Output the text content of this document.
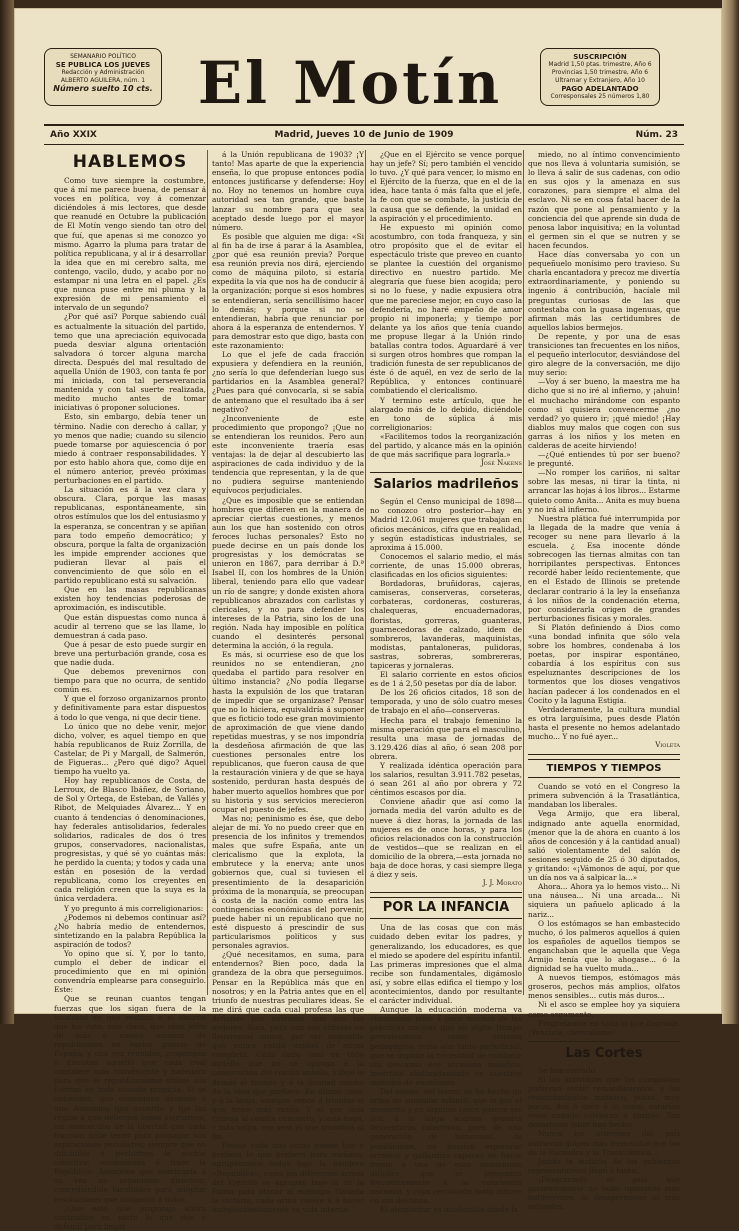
SEMANARIO POLÍTICO
SE PUBLICA LOS JUEVES
Redacción y Administración
ALBERTO AGUILERA, núm. 1
Número suelto 10 cts. El Motín	SUSCRIPCIÓN
Madrid 1,50 ptas. trimestre, Año 6
Provincias 1,50 trimestre, Año 6
Ultramar y Extranjero, Año 10
PAGO ADELANTADO
Corresponsales 25 números 1,80
Madrid, Jueves 10 de Junio de 1909
Año XXIX	Núm. 23
HABLEMOS

Como tuve siempre la costumbre, que á mí me parece buena, de pensar á voces en política, voy á comenzar diciéndoles á mis lectores, que desde que reanudé en Octubre la publicación de El Motín vengo siendo tan otro del que fuí, que apenas si me conozco yo mismo. Agarro la pluma para tratar de política republicana, y al ir á desarrollar la idea que en mi cerebro salta, me contengo, vacilo, dudo, y acabo por no estampar ni una letra en el papel. ¿Es que nunca puse entre mi pluma y la expresión de mi pensamiento el intervalo de un segundo?

¿Por qué así? Porque sabiendo cuál es actualmente la situación del partido, temo que una apreciación equivocada pueda desviar alguna orientación salvadora ó torcer alguna marcha directa. Después del mal resultado de aquella Unión de 1903, con tanta fe por mí iniciada, con tal perseverancia mantenida y con tal suerte realizada, medito mucho antes de tomar iniciativas ó proponer soluciones.

Esto, sin embargo, debía tener un término. Nadie con derecho á callar, y yo menos que nadie; cuando su silencio puede tomarse por aquiescencia ó por miedo á contraer responsabilidades. Y por esto hablo ahora que, como dije en el número anterior, prevéo próximas perturbaciones en el partido.

La situación es á la vez clara y obscura. Clara, porque las masas republicanas, espontáneamente, sin otros estímulos que los del entusiasmo y la esperanza, se concentran y se apiñan para todo empeño democrático; y obscura, porque la falta de organización les impide emprender acciones que pudieran llevar al país el convencimiento de que sólo en el partido republicano está su salvación.

Que en las masas republicanas existen hoy tendencias poderosas de aproximación, es indiscutible.

Que están dispuestas como nunca á acudir al terreno que se las llame, lo demuestran á cada paso.

Que á pesar de esto puede surgir en breve una perturbación grande, cosa es que nadie duda.

Que debemos prevenirnos con tiempo para que no ocurra, de sentido común es.

Y que el forzoso organizarnos pronto y definitivamente para estar dispuestos á todo lo que venga, ni que decir tiene.

Lo único que no debe venir, mejor dicho, volver, es aquel tiempo en que había republicanos de Ruiz Zorrilla, de Castelar, de Pi y Margall, de Salmerón, de Figueras... ¿Pero qué digo? Aquel tiempo ha vuelto ya.

Hoy hay republicanos de Costa, de Lerroux, de Blasco Ibáñez, de Soriano, de Sol y Ortega, de Esteban, de Vallés y Ribot, de Melquiades Álvarez... Y en cuanto á tendencias ó denominaciones, hay federales antisolidarios, federales solidarios, radicales de dos ó tres grupos, conservadores, nacionalistas, progresistas, y qué sé yo cuántas más: he perdido la cuenta; y todos y cada una están en posesión de la verdad republicana, como los creyentes en cada religión creen que la suya es la única verdadera.

Y yo pregunto á mis correligionarios:

¿Podemos ni debemos continuar así? ¿No habría medio de entendernos, sintetizando en la palabra República la aspiración de todos?

Yo opino que sí. Y, por lo tanto, cumplo el deber de indicar el procedimiento que en mi opinión convendría emplearse para conseguirlo. Este:

Que se reunan cuantos tengan fuerzas que los sigan fuera de la localidad en que residan ó el distrito que los vote; más claro, que sean jefes de más ó menos número de republicanos en varios puntos de España; y una vez reunidos, propongan y discutan aquello que cada cual considere más conveniente y hacedero para que el republicanismo utilice sus fuerzas en toda ocasión propicia. Si se entienden, que convoquen después á una Asamblea que acuerde y fije las reglas á que debemos todos sujetarnos, sin menoscabo de la libertad que cada fracción debe tener para propagar sus aspiraciones peculiares; siempre que no dificulten ó perturben la acción colectiva, encaminada á traer la República; Asamblea que nombraría á su vez un organismo directivo, concediéndole facultades para adoptar resoluciones que obligarán á todos.

¿Que esto que propongo ahora contradice en parte lo que dije y defendí para llegar

á la Unión republicana de 1903? ¡Y tanto! Mas aparte de que la experiencia enseña, lo que propuse entonces podía entonces justificarse y defenderse: Hoy no. Hoy no tenemos un hombre cuya autoridad sea tan grande, que baste lanzar su nombre para que sea aceptado desde luego por el mayor número.

Es posible que alguien me diga: «Si al fin ha de irse á parar á la Asamblea, ¿por qué esa reunión previa? Porque esa reunión previa nos dirá, ejerciendo como de máquina piloto, si estaría expedita la vía que nos ha de conducir á la organización; porque si esos hombres se entendieran, sería sencillísimo hacer lo demás; y porque si no se entendieran, habría que renunciar por ahora á la esperanza de entendernos. Y para demostrar esto que digo, basta con este razonamiento:

Lo que el jefe de cada fracción expusiera y defendiera en la reunión, ¿no sería lo que defenderían luego sus partidarios en la Asamblea general? ¿Pues para qué convocarla, si se sabía de antemano que el resultado iba á ser negativo?

¿Inconveniente de este procedimiento que propongo? ¡Que no se entendieran los reunidos. Pero aun este inconveniente traería esas ventajas: la de dejar al descubierto las aspiraciones de cada individuo y de la tendencia que representan, y la de que no pudiera seguirse manteniendo equívocos perjudiciales.

¿Que es imposible que se entiendan hombres que difieren en la manera de apreciar ciertas cuestiones, y menos aun los que han sostenido con otros feroces luchas personales? Esto no puede decirse en un país donde los progresistas y los demócratas se unieron en 1867, para derribar á D.ª Isabel II, con los hombres de la Unión liberal, teniendo para ello que vadear un río de sangre; y donde existen ahora republicanos abrazados con carlistas y clericales, y no para defender los intereses de la Patria, sino los de una región. Nada hay imposible en política cuando el desinterés personal determina la acción, ó la regula.

Es más, si ocurriese eso de que los reunidos no se entendieran, ¿no quedaba el partido para resolver en último instancia? ¿No podía llegarse hasta la expulsión de los que trataran de impedir que se organizase? Pensar que no lo hiciera, equivaldría á suponer que es ficticio todo ese gran movimiento de aproximación de que viene dando repetidas muestras, y se nos impondría la desdeñosa afirmación de que las cuestiones personales entre los republicanos, que fueron causa de que la restauración viniera y de que se haya sostenido, perduran hasta después de haber muerto aquellos hombres que por su historia y sus servicios merecieron ocupar el puesto de jefes.

Mas no; peninismo es ése, que debo alejar de mí. Yo no puedo creer que en presencia de los infinitos y tremendos males que sufre España, ante un clericalismo que la explota, la embrutece y la enerva; ante unos gobiernos que, cual si tuviesen el presentimiento de la desaparición próxima de la monarquía, se preocupan á costa de la nación como entra las contingencias económicas del porvenir, puede haber ni un republicano que no esté dispuesto á prescindir de sus particularismos políticos y sus personales agravios.

¿Qué necesitamos, en suma, para entendernos? Bien poco, dada la grandeza de la obra que perseguimos. Pensar en la República más que en nosotros; y en la Patria antes que en el triunfo de nuestras peculiares ideas. Se me dirá que cada cual profesa las que defiende por entender que son las mejores. Bien, pero con ese criterio no llegaremos nunca, por ser imposible que nunca exista unidad de miras completa. Cada cada cual en todo aquello que no se oponga á la consecución del común anhelo, y deje lo demás al tiempo y á la bondad misma de la idea que prefiere. En último caso, y á la larga, siempre vence á triunfar el que tiene más razón. Y el que más trabaja al común concierto, y más haga, y más valga, ese será el que triunfará al fin.

Piense cada uno como piense hoy y prefiera lo que prefiera para mañana, agrupémonos todos bajo la bandera «República», como las diferentes armas del Ejército se agrupan bajo la de la Patria para atacar al enemigo. Ganada la victoria, cada arma vuelve á á hacer independientemente su vida interna.

¿Que en el Ejército se vence porque hay un jefe? Sí; pero también el vencido lo tuvo. ¿Y qué para vencer, lo mismo en el Ejército de la fuerza, que en el de la idea, hace tanta ó más falta que el jefe, la fe con que se combate, la justicia de la causa que se defiende, la unidad en la aspiración y el procedimiento.

He expuesto mi opinión como acostumbro, con toda franqueza, y sin otro propósito que el de evitar el espectáculo triste que preveo en cuanto se plantee la cuestión del organismo directivo en nuestro partido. Me alegraría que fuese bien acogida; pero si no lo fuese, y nadie expusiera otra que me pareciese mejor, en cuyo caso la defendería, no haré empeño de amor propio ni imponerla; y tiempo por delante ya los años que tenía cuando me propuse llegar á la Unión rindo batallas contra todos. Aguardaré á ver si surgen otros hombres que rompan la tradición funesta de ser republicanos de éste ó de aquél, en vez de serlo de la República, y entonces continuaré combatiendo el clericalismo.

Y termino este artículo, que he alargado más de lo debido, diciéndole en tono de súplica á mis correligionarios:

«Facilitemos todos la reorganización del partido, y alcance más en la opinión de que más sacrifique para lograrla.»

José Nakens

Salarios madrileños

Según el Censo municipal de 1898—no conozco otro posterior—hay en Madrid 12.061 mujeres que trabajan en oficios mecánicos, cifra que en realidad, y según estadísticas industriales, se aproxima á 15.000.

Conocemos el salario medio, el más corriente, de unas 15.000 obreras, clasificadas en los oficios siguientes:

Bordadoras, bruñidoras, cajeras, camiseras, conserveras, corseteras, corbateras, cordoneras, costureras, chalequeras, encuadernadoras, floristas, gorreras, guanteras, guarnecedoras de calzado, idem de sombreros, lavanderas, maquinistas, modistas, pantaloneras, pulidoras, sastras, sobreras, sombrereras, tapiceras y jornaleras.

El salario corriente en estos oficios es de 1 á 2,50 pesetas por día de labor.

De los 26 oficios citados, 18 son de temporada, y uno de sólo cuatro meses de trabajo en el año—conserveras.

Hecha para el trabajo femenino la misma operación que para el masculino, resulta una masa de jornadas de 3.129.426 días al año, ó sean 208 por obrera.

Y realizada idéntica operación para los salarios, resultan 3.911.782 pesetas, ó sean 261 al año por obrera y 72 céntimos escasos por día.

Conviene añadir que así como la jornada media del varón adulto es de nueve á diez horas, la jornada de las mujeres es de once horas, y para los oficios relacionados con la construcción de vestidos—que se realizan en el domicilio de la obrera,—esta jornada no baja de doce horas, y casi siempre llega á diez y seis.

J. J. Morato

POR LA INFANCIA

Una de las cosas que con más cuidado deben evitar los padres, y generalizando, los educadores, es que el miedo se apodere del espíritu infantil. Las primeras impresiones que el alma recibe son fundamentales, digámoslo así, y sobre ellas edifica el tiempo y los acontecimientos, dando por resultante el carácter individual.

Aunque la educación moderna va eliminando poco á poco muchas de las prácticas nocivas que en algún tiempo prevalecieron como sistema pedagógico, resta aún tanto perjudicial, que se impone la necesidad de combatir sin descanso ese arcaísmo maléfico, invertido obstinadamente en nuestros métodos de enseñanza.

Del miedo, del terror, se ha hecho un arma de sumisión infantil, que si por el momento y en algunos casos parece ser útil, á la larga acarrea grandes desventuras colectivas; pues de una generación de temerosos, de pusilánimes, no pueden esperarse arrestos y gallardías capaces de hacer frente á una de esas situaciones difíciles que se presentan frecuentemente á la conciencia nacional, y cuya resolución tanto influye en sus destinos.

El atemorizar es intolerable desde la

miedo, no al íntimo convencimiento que nos lleva á voluntaria sumisión, se lo lleva á salir de sus cadenas, con odio en sus ojos y la amenaza en sus corazones, para siempre el alma del esclavo. Ni se en cosa fatal hacer de la razón que pone al pensamiento y la conciencia del que aprende sin duda de penosa labor inquisitiva; en la voluntad el germen sin el que se nutren y se hacen fecundos.

Hace días conversaba yo con un pequeñuelo monísimo pero travieso. Su charla encantadora y precoz me divertía extraordinariamente, y poniendo su ingenio á contribución, hacíale mil preguntas curiosas de las que contestaba con la guasa ingenuas, que afirman más las certidumbres de aquellos labios bermejos.

De repente, y por una de esas transiciones tan frecuentes en los niños, el pequeño interlocutor, desviándose del giro alegre de la conversación, me dijo muy serio:

—Voy á ser bueno, la maestra me ha dicho que si no iré al infierno, y ¡ahuin! el muchacho mirándome con espanto como si quisiera convencerme ¿no verdad? yo quiero ir; ¡qué miedo! ¡Hay diablos muy malos que cogen con sus garras á los niños y los meten en calderas de aceite hirviendo!

—¿Qué entiendes tú por ser bueno? le pregunté.

—No romper los cariños, ni saltar sobre las mesas, ni tirar la tinta, ni arrancar las hojas á los libros... Estarme quieto como Anita... Anita es muy buena y no irá al infierno.

Nuestra plática fué interrumpida por la llegada de la madre que venía á recoger su nene para llevarlo á la escuela. ¿ Esa inocente dónde sobrecogen las tiernas almitas con tan horripilantes perspectivas. Entonces recordé haber leído recientemente, que en el Estado de Illinois se pretende declarar contrario á la ley la enseñanza á los niños de la condenación eterna, por considerarla origen de grandes perturbaciones físicas y morales.

Si Platón definiendo á Dios como «una bondad infinita que sólo vela sobre los hombres, condenaba á los poetas, por inspirar espontáneo, cobardía á los espíritus con sus espeluznantes descripciones de los tormentos que los dioses vengativos hacían padecer á los condenados en el Cocito y la laguna Estigia.

Verdaderamente, la cultura mundial es otra larguísima, pues desde Platón hasta el presente no hemos adelantado mucho... Y no fué ayer...

Violeta

TIEMPOS Y TIEMPOS

Cuando se votó en el Congreso la primera subvención á la Trasatlántica, mandaban los liberales.

Vega Armijo, que era liberal, indignado ante aquella enormidad, (menor que la de ahora en cuanto á los años de concesión y á la cantidad anual) salió violentamente del salón de sesiones seguido de 25 ó 30 diputados, y gritando: «¡Vámonos de aquí, por que un día nos va á salpicar la...»

Ahora... Ahora ya lo hemos visto... Ni una náusea... Ni una arcada... Ni siquiera un pañuelo aplicado á la nariz...

O los estómagos se han embastecido mucho, ó los palmeros aquellos á quien los españoles de aquellos tiempos se enganchaban que le aquella que Vega Armijo tenía que lo ahogase... ó la dignidad se ha vuelto muda...

A nuevos tiempos, estómagos más groseros, pechos más amplios, olfatos menos sensibles... cutis más duros...

Ni el asco se emplee hoy ya siquiera como argumento.

Progresamos en todo lo que degrada. ¡Venciste, clericalismo!

Las Cortes

Se han cerrado.

Si los individuos que las componían pudieran sentir remordimientos, y los remordimientos matasen, pocos, muy pocos, dos ó doce á lo sumo, estarían vivos cuando volvieran á abrirse. Tan desastrosa labor han hecho.

Nunca los intereses del país sufrieron golpes más tremendos que los de la Escuadra y la Trasatlántica...

Jamás la audacia de los gobiernos representativos llegó á tanto...

¡Desgraciado el país que pacientemente no hubo opiciones más indiferentes, ni desaprensivas ni más cobardes.
